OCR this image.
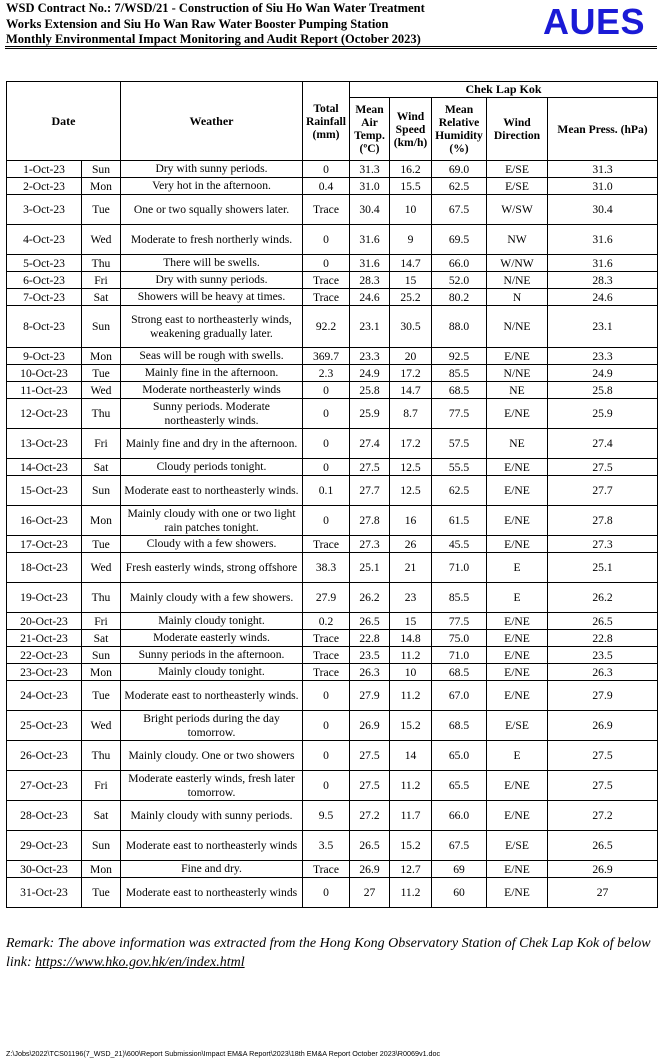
WSD Contract No.: 7/WSD/21 - Construction of Siu Ho Wan Water Treatment
Works Extension and Siu Ho Wan Raw Water Booster Pumping Station
Monthly Environmental Impact Monitoring and Audit Report (October 2023)	AUES
Date		Weather	Total Rainfall (mm)	Chek Lap Kok				
				Mean Air Temp. (ºC)	Wind Speed (km/h)	Mean Relative Humidity (%)	Wind Direction	Mean Press. (hPa)
1-Oct-23	Sun	Dry with sunny periods.	0	31.3	16.2	69.0	E/SE	31.3
2-Oct-23	Mon	Very hot in the afternoon.	0.4	31.0	15.5	62.5	E/SE	31.0
3-Oct-23	Tue	One or two squally showers later.	Trace	30.4	10	67.5	W/SW	30.4
4-Oct-23	Wed	Moderate to fresh northerly winds.	0	31.6	9	69.5	NW	31.6
5-Oct-23	Thu	There will be swells.	0	31.6	14.7	66.0	W/NW	31.6
6-Oct-23	Fri	Dry with sunny periods.	Trace	28.3	15	52.0	N/NE	28.3
7-Oct-23	Sat	Showers will be heavy at times.	Trace	24.6	25.2	80.2	N	24.6
8-Oct-23	Sun	Strong east to northeasterly winds, weakening gradually later.	92.2	23.1	30.5	88.0	N/NE	23.1
9-Oct-23	Mon	Seas will be rough with swells.	369.7	23.3	20	92.5	E/NE	23.3
10-Oct-23	Tue	Mainly fine in the afternoon.	2.3	24.9	17.2	85.5	N/NE	24.9
11-Oct-23	Wed	Moderate northeasterly winds	0	25.8	14.7	68.5	NE	25.8
12-Oct-23	Thu	Sunny periods. Moderate northeasterly winds.	0	25.9	8.7	77.5	E/NE	25.9
13-Oct-23	Fri	Mainly fine and dry in the afternoon.	0	27.4	17.2	57.5	NE	27.4
14-Oct-23	Sat	Cloudy periods tonight.	0	27.5	12.5	55.5	E/NE	27.5
15-Oct-23	Sun	Moderate east to northeasterly winds.	0.1	27.7	12.5	62.5	E/NE	27.7
16-Oct-23	Mon	Mainly cloudy with one or two light rain patches tonight.	0	27.8	16	61.5	E/NE	27.8
17-Oct-23	Tue	Cloudy with a few showers.	Trace	27.3	26	45.5	E/NE	27.3
18-Oct-23	Wed	Fresh easterly winds, strong offshore	38.3	25.1	21	71.0	E	25.1
19-Oct-23	Thu	Mainly cloudy with a few showers.	27.9	26.2	23	85.5	E	26.2
20-Oct-23	Fri	Mainly cloudy tonight.	0.2	26.5	15	77.5	E/NE	26.5
21-Oct-23	Sat	Moderate easterly winds.	Trace	22.8	14.8	75.0	E/NE	22.8
22-Oct-23	Sun	Sunny periods in the afternoon.	Trace	23.5	11.2	71.0	E/NE	23.5
23-Oct-23	Mon	Mainly cloudy tonight.	Trace	26.3	10	68.5	E/NE	26.3
24-Oct-23	Tue	Moderate east to northeasterly winds.	0	27.9	11.2	67.0	E/NE	27.9
25-Oct-23	Wed	Bright periods during the day tomorrow.	0	26.9	15.2	68.5	E/SE	26.9
26-Oct-23	Thu	Mainly cloudy. One or two showers	0	27.5	14	65.0	E	27.5
27-Oct-23	Fri	Moderate easterly winds, fresh later tomorrow.	0	27.5	11.2	65.5	E/NE	27.5
28-Oct-23	Sat	Mainly cloudy with sunny periods.	9.5	27.2	11.7	66.0	E/NE	27.2
29-Oct-23	Sun	Moderate east to northeasterly winds	3.5	26.5	15.2	67.5	E/SE	26.5
30-Oct-23	Mon	Fine and dry.	Trace	26.9	12.7	69	E/NE	26.9
31-Oct-23	Tue	Moderate east to northeasterly winds	0	27	11.2	60	E/NE	27
Remark: The above information was extracted from the Hong Kong Observatory Station of Chek Lap Kok of below link: https://www.hko.gov.hk/en/index.html
Z:\Jobs\2022\TCS01196(7_WSD_21)\600\Report Submission\Impact EM&A Report\2023\18th EM&A Report October 2023\R0069v1.doc
